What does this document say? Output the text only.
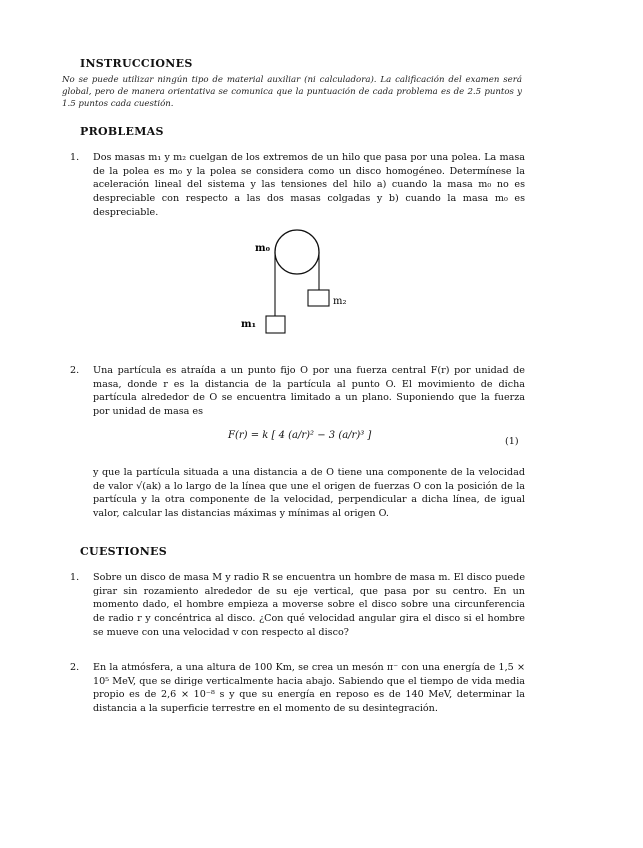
INSTRUCCIONES
No se puede utilizar ningún tipo de material auxiliar (ni calculadora). La calificación del examen será global, pero de manera orientativa se comunica que la puntuación de cada problema es de 2.5 puntos y 1.5 puntos cada cuestión.
PROBLEMAS
1. Dos masas m₁ y m₂ cuelgan de los extremos de un hilo que pasa por una polea. La masa de la polea es m₀ y la polea se considera como un disco homogéneo. Determínese la aceleración lineal del sistema y las tensiones del hilo a) cuando la masa m₀ no es despreciable con respecto a las dos masas colgadas y b) cuando la masa m₀ es despreciable.
m₀
m₁
m₂
2. Una partícula es atraída a un punto fijo O por una fuerza central F(r) por unidad de masa, donde r es la distancia de la partícula al punto O. El movimiento de dicha partícula alrededor de O se encuentra limitado a un plano. Suponiendo que la fuerza por unidad de masa es
F(r) = k [ 4 (a/r)² − 3 (a/r)³ ]
(1)
y que la partícula situada a una distancia a de O tiene una componente de la velocidad de valor √(ak) a lo largo de la línea que une el origen de fuerzas O con la posición de la partícula y la otra componente de la velocidad, perpendicular a dicha línea, de igual valor, calcular las distancias máximas y mínimas al origen O.
CUESTIONES
1. Sobre un disco de masa M y radio R se encuentra un hombre de masa m. El disco puede girar sin rozamiento alrededor de su eje vertical, que pasa por su centro. En un momento dado, el hombre empieza a moverse sobre el disco sobre una circunferencia de radio r y concéntrica al disco. ¿Con qué velocidad angular gira el disco si el hombre se mueve con una velocidad v con respecto al disco?
2. En la atmósfera, a una altura de 100 Km, se crea un mesón π⁻ con una energía de 1,5 × 10⁵ MeV, que se dirige verticalmente hacia abajo. Sabiendo que el tiempo de vida media propio es de 2,6 × 10⁻⁸ s y que su energía en reposo es de 140 MeV, determinar la distancia a la superficie terrestre en el momento de su desintegración.
